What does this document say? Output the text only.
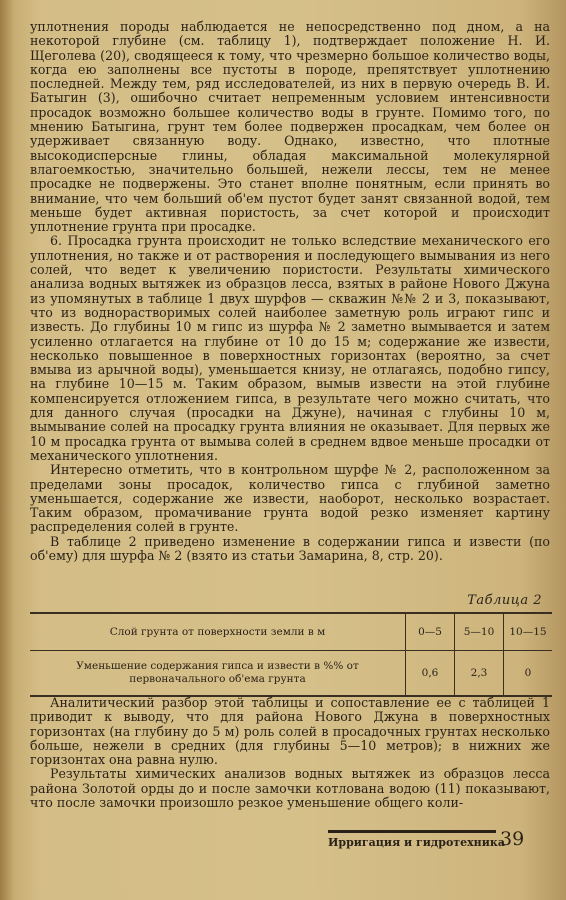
уплотнения породы наблюдается не непосредственно под дном, а на некоторой глубине (см. таблицу 1), подтверждает положение Н. И. Щеголева (20), сводящееся к тому, что чрезмерно большое количество воды, когда ею заполнены все пустоты в породе, препятствует уплотнению последней. Между тем, ряд исследователей, из них в первую очередь В. И. Батыгин (3), ошибочно считает непременным условием интенсивности просадок возможно большее количество воды в грунте. Помимо того, по мнению Батыгина, грунт тем более подвержен просадкам, чем более он удерживает связанную воду. Однако, известно, что плотные высокодисперсные глины, обладая максимальной молекулярной влагоемкостью, значительно большей, нежели лессы, тем не менее просадке не подвержены. Это станет вполне понятным, если принять во внимание, что чем больший об'ем пустот будет занят связанной водой, тем меньше будет активная пористость, за счет которой и происходит уплотнение грунта при просадке.

6. Просадка грунта происходит не только вследствие механического его уплотнения, но также и от растворения и последующего вымывания из него солей, что ведет к увеличению пористости. Результаты химического анализа водных вытяжек из образцов лесса, взятых в районе Нового Джуна из упомянутых в таблице 1 двух шурфов — скважин №№ 2 и 3, показывают, что из воднорастворимых солей наиболее заметную роль играют гипс и известь. До глубины 10 м гипс из шурфа № 2 заметно вымывается и затем усиленно отлагается на глубине от 10 до 15 м; содержание же извести, несколько повышенное в поверхностных горизонтах (вероятно, за счет вмыва из арычной воды), уменьшается книзу, не отлагаясь, подобно гипсу, на глубине 10—15 м. Таким образом, вымыв извести на этой глубине компенсируется отложением гипса, в результате чего можно считать, что для данного случая (просадки на Джуне), начиная с глубины 10 м, вымывание солей на просадку грунта влияния не оказывает. Для первых же 10 м просадка грунта от вымыва солей в среднем вдвое меньше просадки от механического уплотнения.

Интересно отметить, что в контрольном шурфе № 2, расположенном за пределами зоны просадок, количество гипса с глубиной заметно уменьшается, содержание же извести, наоборот, несколько возрастает. Таким образом, промачивание грунта водой резко изменяет картину распределения солей в грунте.

В таблице 2 приведено изменение в содержании гипса и извести (по об'ему) для шурфа № 2 (взято из статьи Замарина, 8, стр. 20).

Таблица 2
Слой грунта от поверхности земли в м	0—5	5—10	10—15
Уменьшение содержания гипса и извести в %% от первоначального об'ема грунта	0,6	2,3	0

Аналитический разбор этой таблицы и сопоставление ее с таблицей 1 приводит к выводу, что для района Нового Джуна в поверхностных горизонтах (на глубину до 5 м) роль солей в просадочных грунтах несколько больше, нежели в средних (для глубины 5—10 метров); в нижних же горизонтах она равна нулю.

Результаты химических анализов водных вытяжек из образцов лесса района Золотой орды до и после замочки котлована водою (11) показывают, что после замочки произошло резкое уменьшение общего коли-

Ирригация и гидротехника
39
